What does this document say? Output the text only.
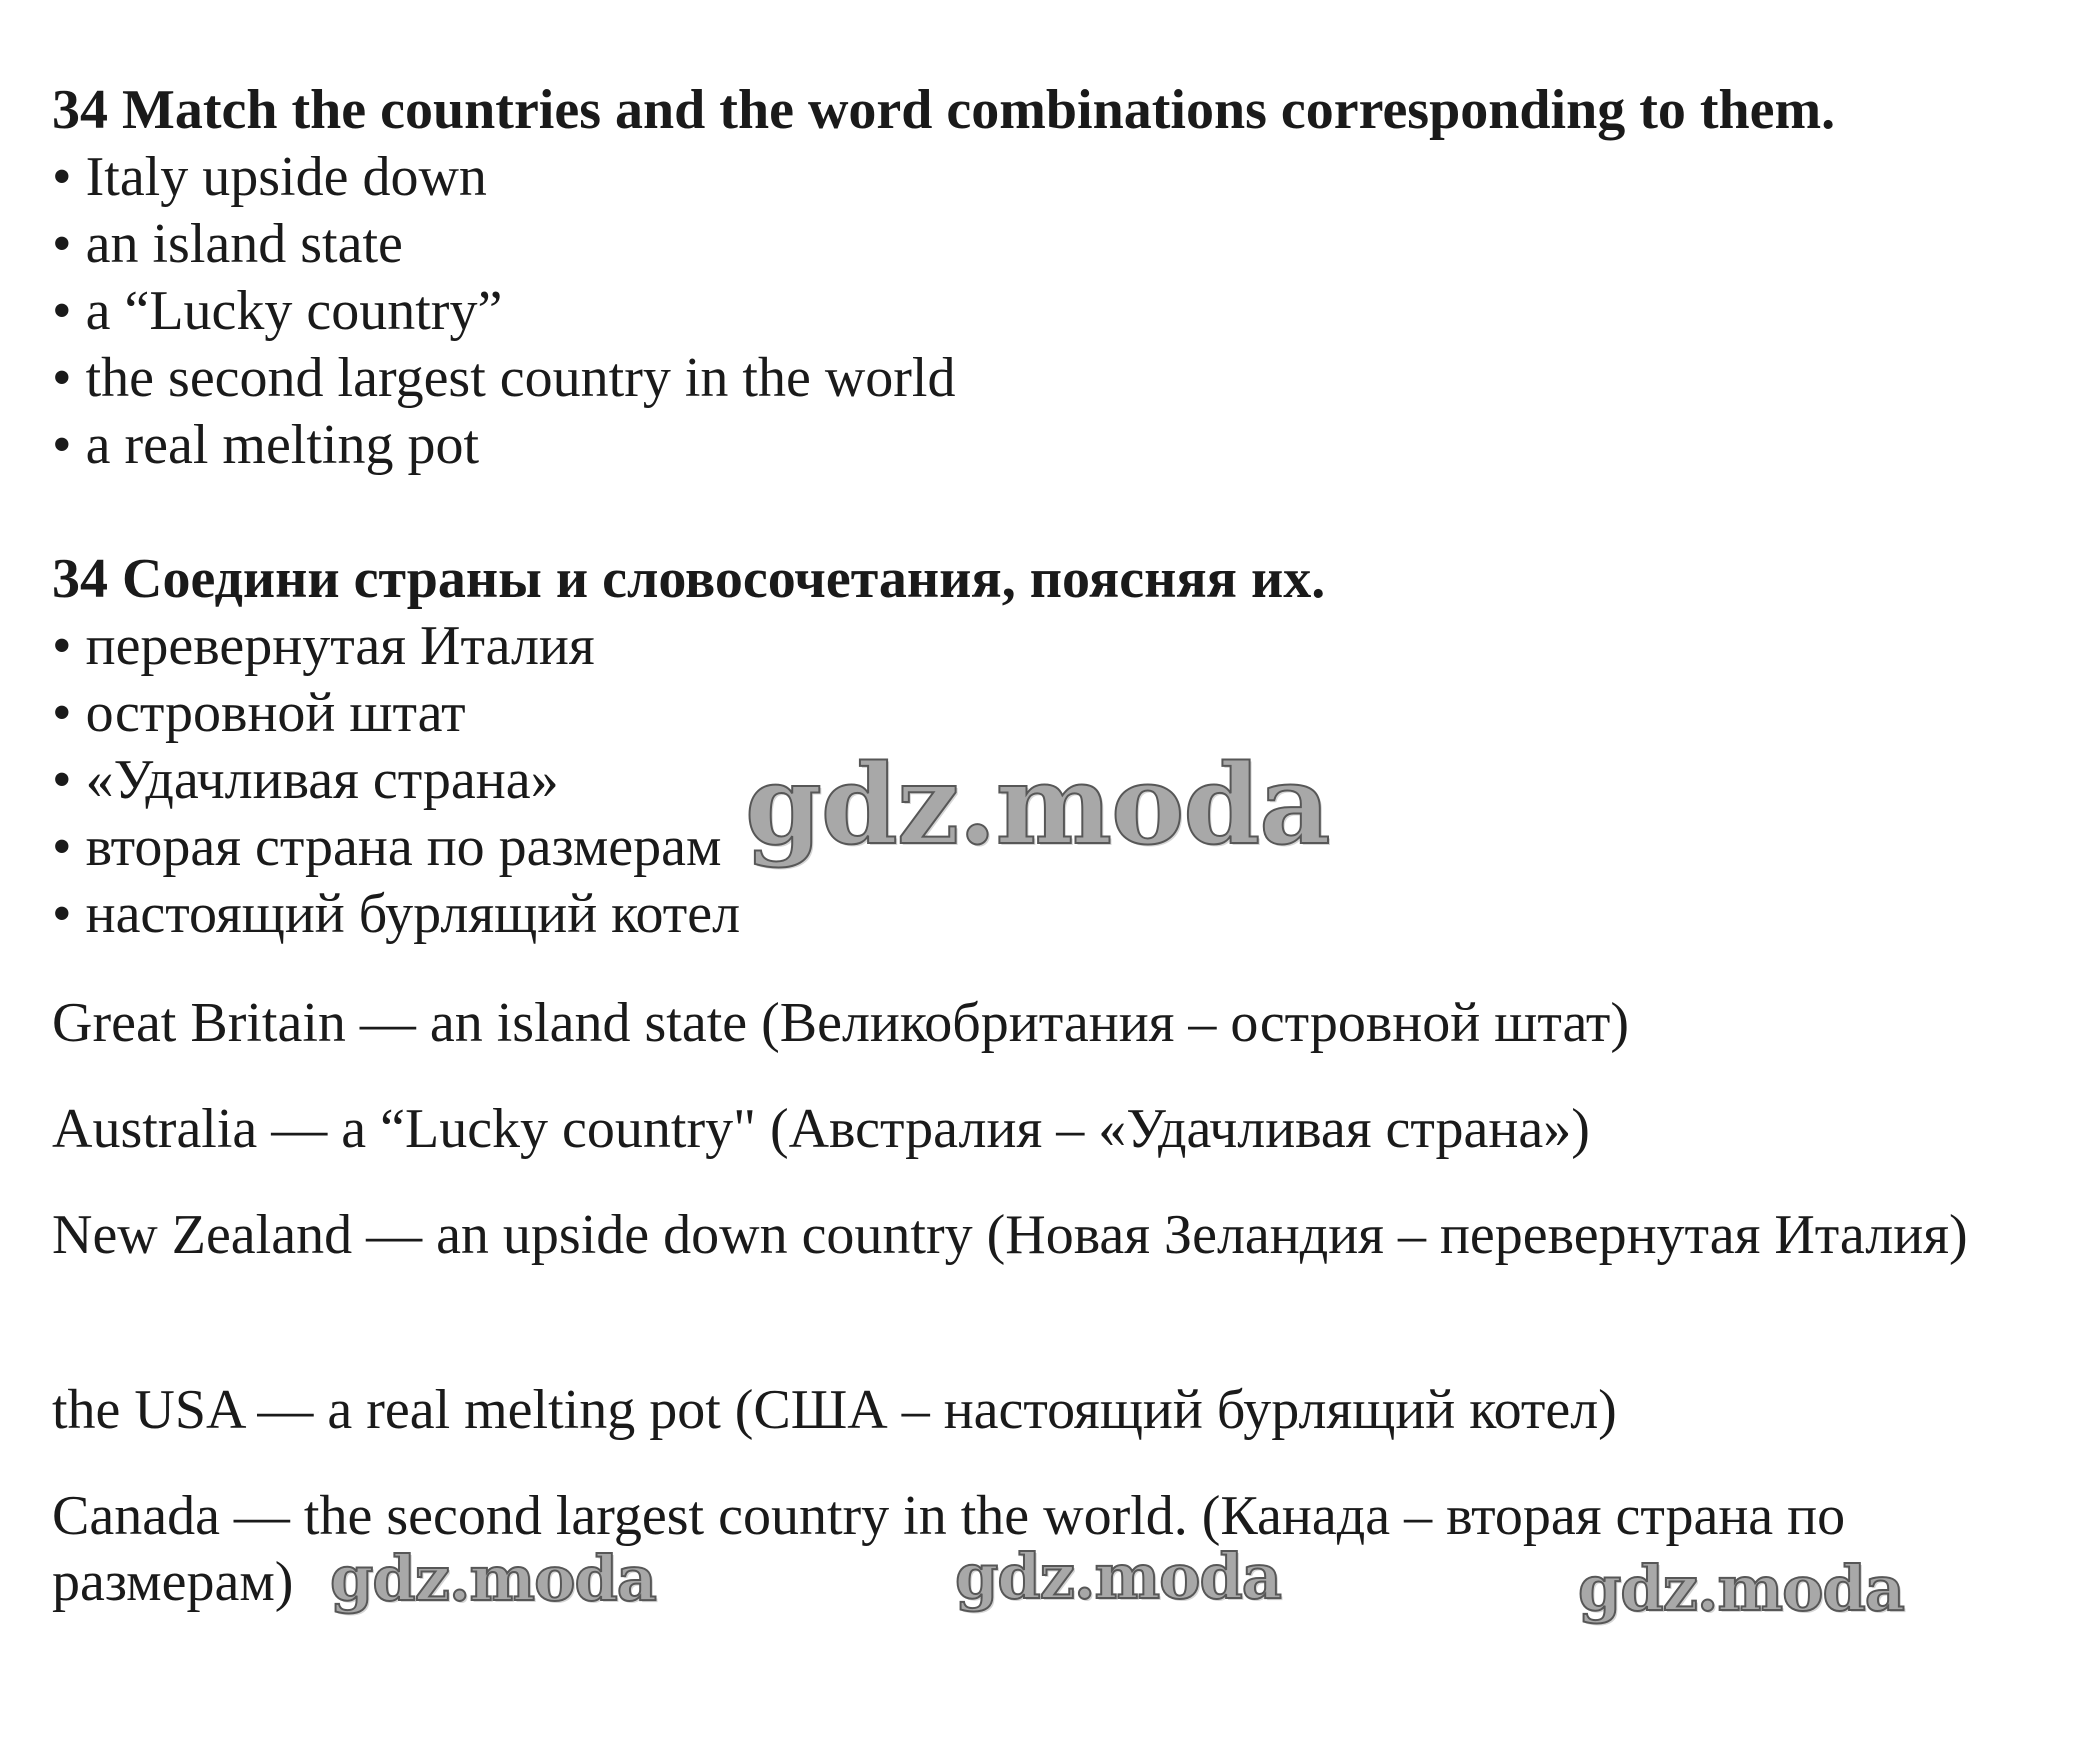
34 Match the countries and the word combinations corresponding to them.
• Italy upside down
• an island state
• a “Lucky country”
• the second largest country in the world
• a real melting pot
34 Соедини страны и словосочетания, поясняя их.
• перевернутая Италия
• островной штат
• «Удачливая страна»
• вторая страна по размерам
• настоящий бурлящий котел
Great Britain — an island state (Великобритания – островной штат)
Australia — a “Lucky country" (Австралия – «Удачливая страна»)
New Zealand — an upside down country (Новая Зеландия – перевернутая Италия)
the USA — a real melting pot (США – настоящий бурлящий котел)
Canada — the second largest country in the world. (Канада – вторая страна по размерам)
gdz.moda
gdz.moda	gdz.moda	gdz.moda
